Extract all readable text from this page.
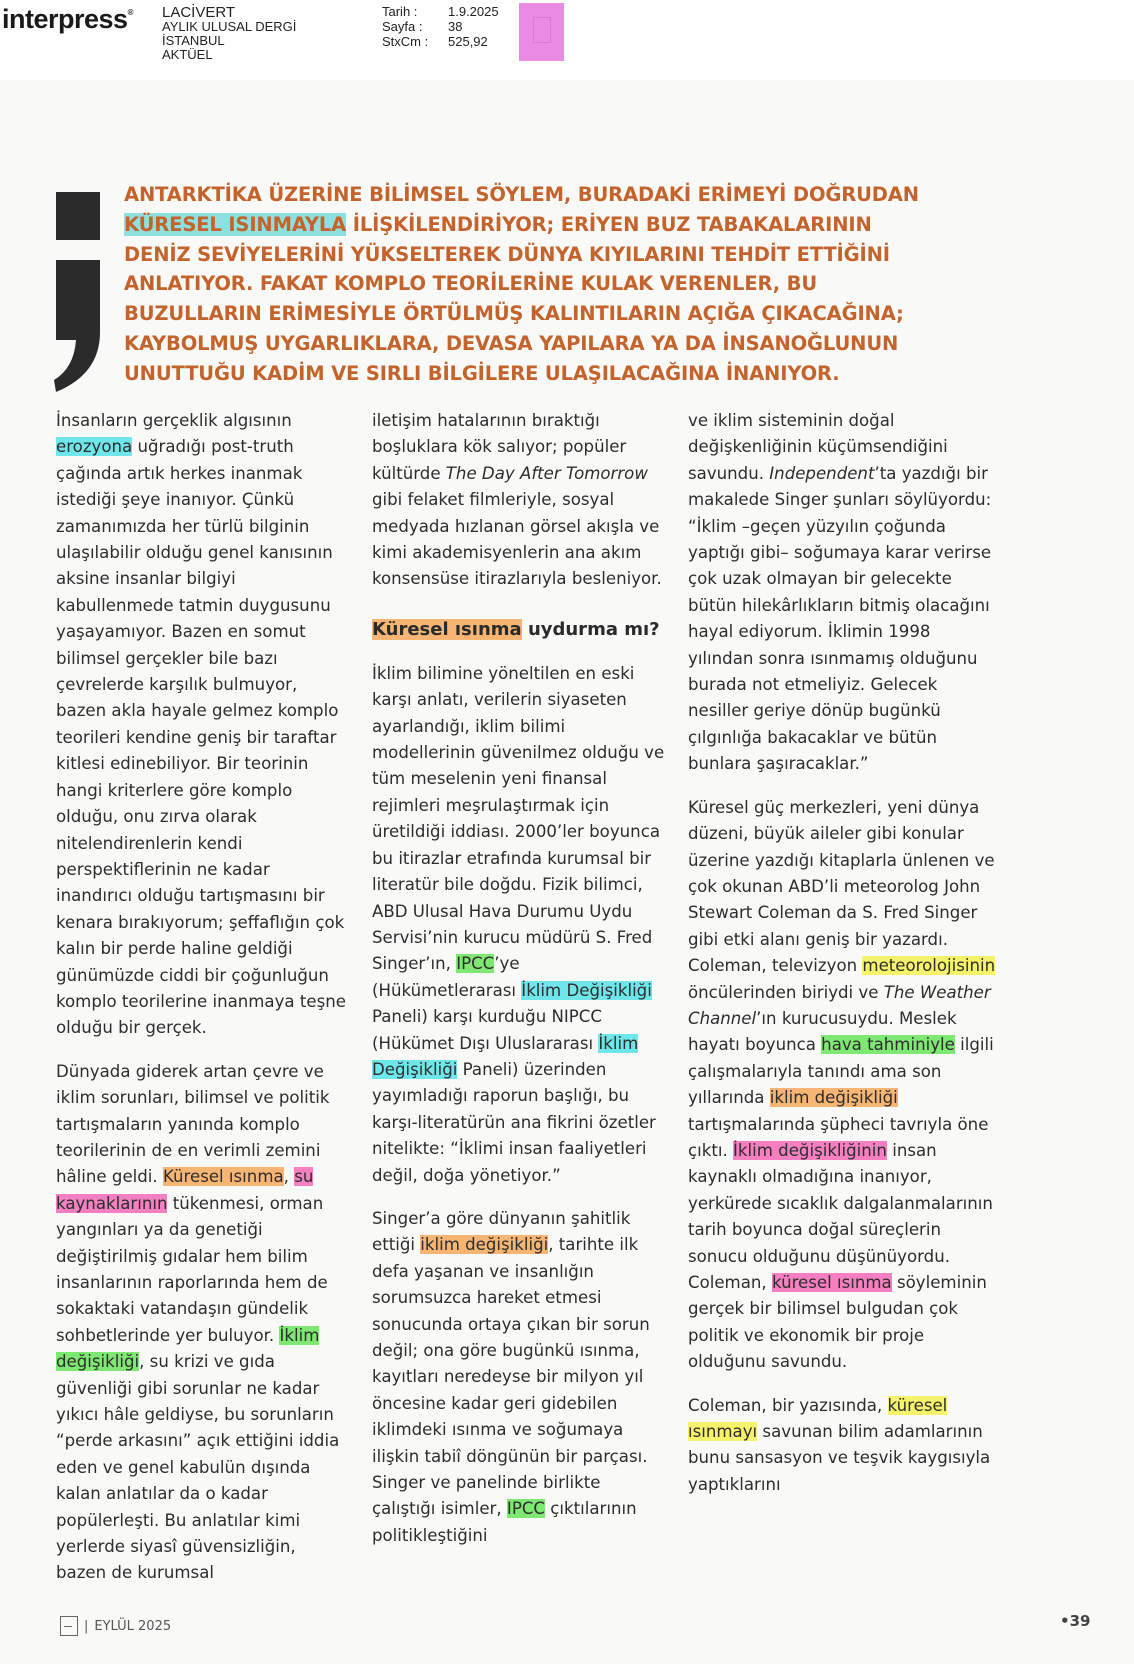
interpress® LACİVERT
AYLIK ULUSAL DERGİ
İSTANBUL
AKTÜEL
Tarih :	1.9.2025
Sayfa :	38
StxCm :	525,92

ANTARKTİKA ÜZERİNE BİLİMSEL SÖYLEM, BURADAKİ ERİMEYİ DOĞRUDAN

KÜRESEL ISINMAYLA İLİŞKİLENDİRİYOR; ERİYEN BUZ TABAKALARININ

DENİZ SEVİYELERİNİ YÜKSELTEREK DÜNYA KIYILARINI TEHDİT ETTİĞİNİ

ANLATIYOR. FAKAT KOMPLO TEORİLERİNE KULAK VERENLER, BU

BUZULLARIN ERİMESİYLE ÖRTÜLMÜŞ KALINTILARIN AÇIĞA ÇIKACAĞINA;

KAYBOLMUŞ UYGARLIKLARA, DEVASA YAPILARA YA DA İNSANOĞLUNUN

UNUTTUĞU KADİM VE SIRLI BİLGİLERE ULAŞILACAĞINA İNANIYOR.

İnsanların gerçeklik algısının erozyona uğradığı post-truth çağında artık herkes inanmak istediği şeye inanıyor. Çünkü zamanımızda her türlü bilginin ulaşılabilir olduğu genel kanısının aksine insanlar bilgiyi kabullenmede tatmin duygusunu yaşayamıyor. Bazen en somut bilimsel gerçekler bile bazı çevrelerde karşılık bulmuyor, bazen akla hayale gelmez komplo teorileri kendine geniş bir taraftar kitlesi edinebiliyor. Bir teorinin hangi kriterlere göre komplo olduğu, onu zırva olarak nitelendirenlerin kendi perspektiflerinin ne kadar inandırıcı olduğu tartışmasını bir kenara bırakıyorum; şeffaflığın çok kalın bir perde haline geldiği günümüzde ciddi bir çoğunluğun komplo teorilerine inanmaya teşne olduğu bir gerçek.

Dünyada giderek artan çevre ve iklim sorunları, bilimsel ve politik tartışmaların yanında komplo teorilerinin de en verimli zemini hâline geldi. Küresel ısınma, su kaynaklarının tükenmesi, orman yangınları ya da genetiği değiştirilmiş gıdalar hem bilim insanlarının raporlarında hem de sokaktaki vatandaşın gündelik sohbetlerinde yer buluyor. İklim değişikliği, su krizi ve gıda güvenliği gibi sorunlar ne kadar yıkıcı hâle geldiyse, bu sorunların “perde arkasını” açık ettiğini iddia eden ve genel kabulün dışında kalan anlatılar da o kadar popülerleşti. Bu anlatılar kimi yerlerde siyasî güvensizliğin, bazen de kurumsal

iletişim hatalarının bıraktığı boşluklara kök salıyor; popüler kültürde The Day After Tomorrow gibi felaket filmleriyle, sosyal medyada hızlanan görsel akışla ve kimi akademisyenlerin ana akım konsensüse itirazlarıyla besleniyor.

Küresel ısınma uydurma mı?

İklim bilimine yöneltilen en eski karşı anlatı, verilerin siyaseten ayarlandığı, iklim bilimi modellerinin güvenilmez olduğu ve tüm meselenin yeni finansal rejimleri meşrulaştırmak için üretildiği iddiası. 2000’ler boyunca bu itirazlar etrafında kurumsal bir literatür bile doğdu. Fizik bilimci, ABD Ulusal Hava Durumu Uydu Servisi’nin kurucu müdürü S. Fred Singer’ın, IPCC’ye (Hükümetlerarası İklim Değişikliği Paneli) karşı kurduğu NIPCC (Hükümet Dışı Uluslararası İklim Değişikliği Paneli) üzerinden yayımladığı raporun başlığı, bu karşı-literatürün ana fikrini özetler nitelikte: “İklimi insan faaliyetleri değil, doğa yönetiyor.”

Singer’a göre dünyanın şahitlik ettiği iklim değişikliği, tarihte ilk defa yaşanan ve insanlığın sorumsuzca hareket etmesi sonucunda ortaya çıkan bir sorun değil; ona göre bugünkü ısınma, kayıtları neredeyse bir milyon yıl öncesine kadar geri gidebilen iklimdeki ısınma ve soğumaya ilişkin tabiî döngünün bir parçası. Singer ve panelinde birlikte çalıştığı isimler, IPCC çıktılarının politikleştiğini

ve iklim sisteminin doğal değişkenliğinin küçümsendiğini savundu. Independent’ta yazdığı bir makalede Singer şunları söylüyordu: “İklim –geçen yüzyılın çoğunda yaptığı gibi– soğumaya karar verirse çok uzak olmayan bir gelecekte bütün hilekârlıkların bitmiş olacağını hayal ediyorum. İklimin 1998 yılından sonra ısınmamış olduğunu burada not etmeliyiz. Gelecek nesiller geriye dönüp bugünkü çılgınlığa bakacaklar ve bütün bunlara şaşıracaklar.”

Küresel güç merkezleri, yeni dünya düzeni, büyük aileler gibi konular üzerine yazdığı kitaplarla ünlenen ve çok okunan ABD’li meteorolog John Stewart Coleman da S. Fred Singer gibi etki alanı geniş bir yazardı. Coleman, televizyon meteorolojisinin öncülerinden biriydi ve The Weather Channel’ın kurucusuydu. Meslek hayatı boyunca hava tahminiyle ilgili çalışmalarıyla tanındı ama son yıllarında iklim değişikliği tartışmalarında şüpheci tavrıyla öne çıktı. İklim değişikliğinin insan kaynaklı olmadığına inanıyor, yerkürede sıcaklık dalgalanmalarının tarih boyunca doğal süreçlerin sonucu olduğunu düşünüyordu. Coleman, küresel ısınma söyleminin gerçek bir bilimsel bulgudan çok politik ve ekonomik bir proje olduğunu savundu.

Coleman, bir yazısında, küresel ısınmayı savunan bilim adamlarının bunu sansasyon ve teşvik kaygısıyla yaptıklarını

| EYLÜL 2025	•39
